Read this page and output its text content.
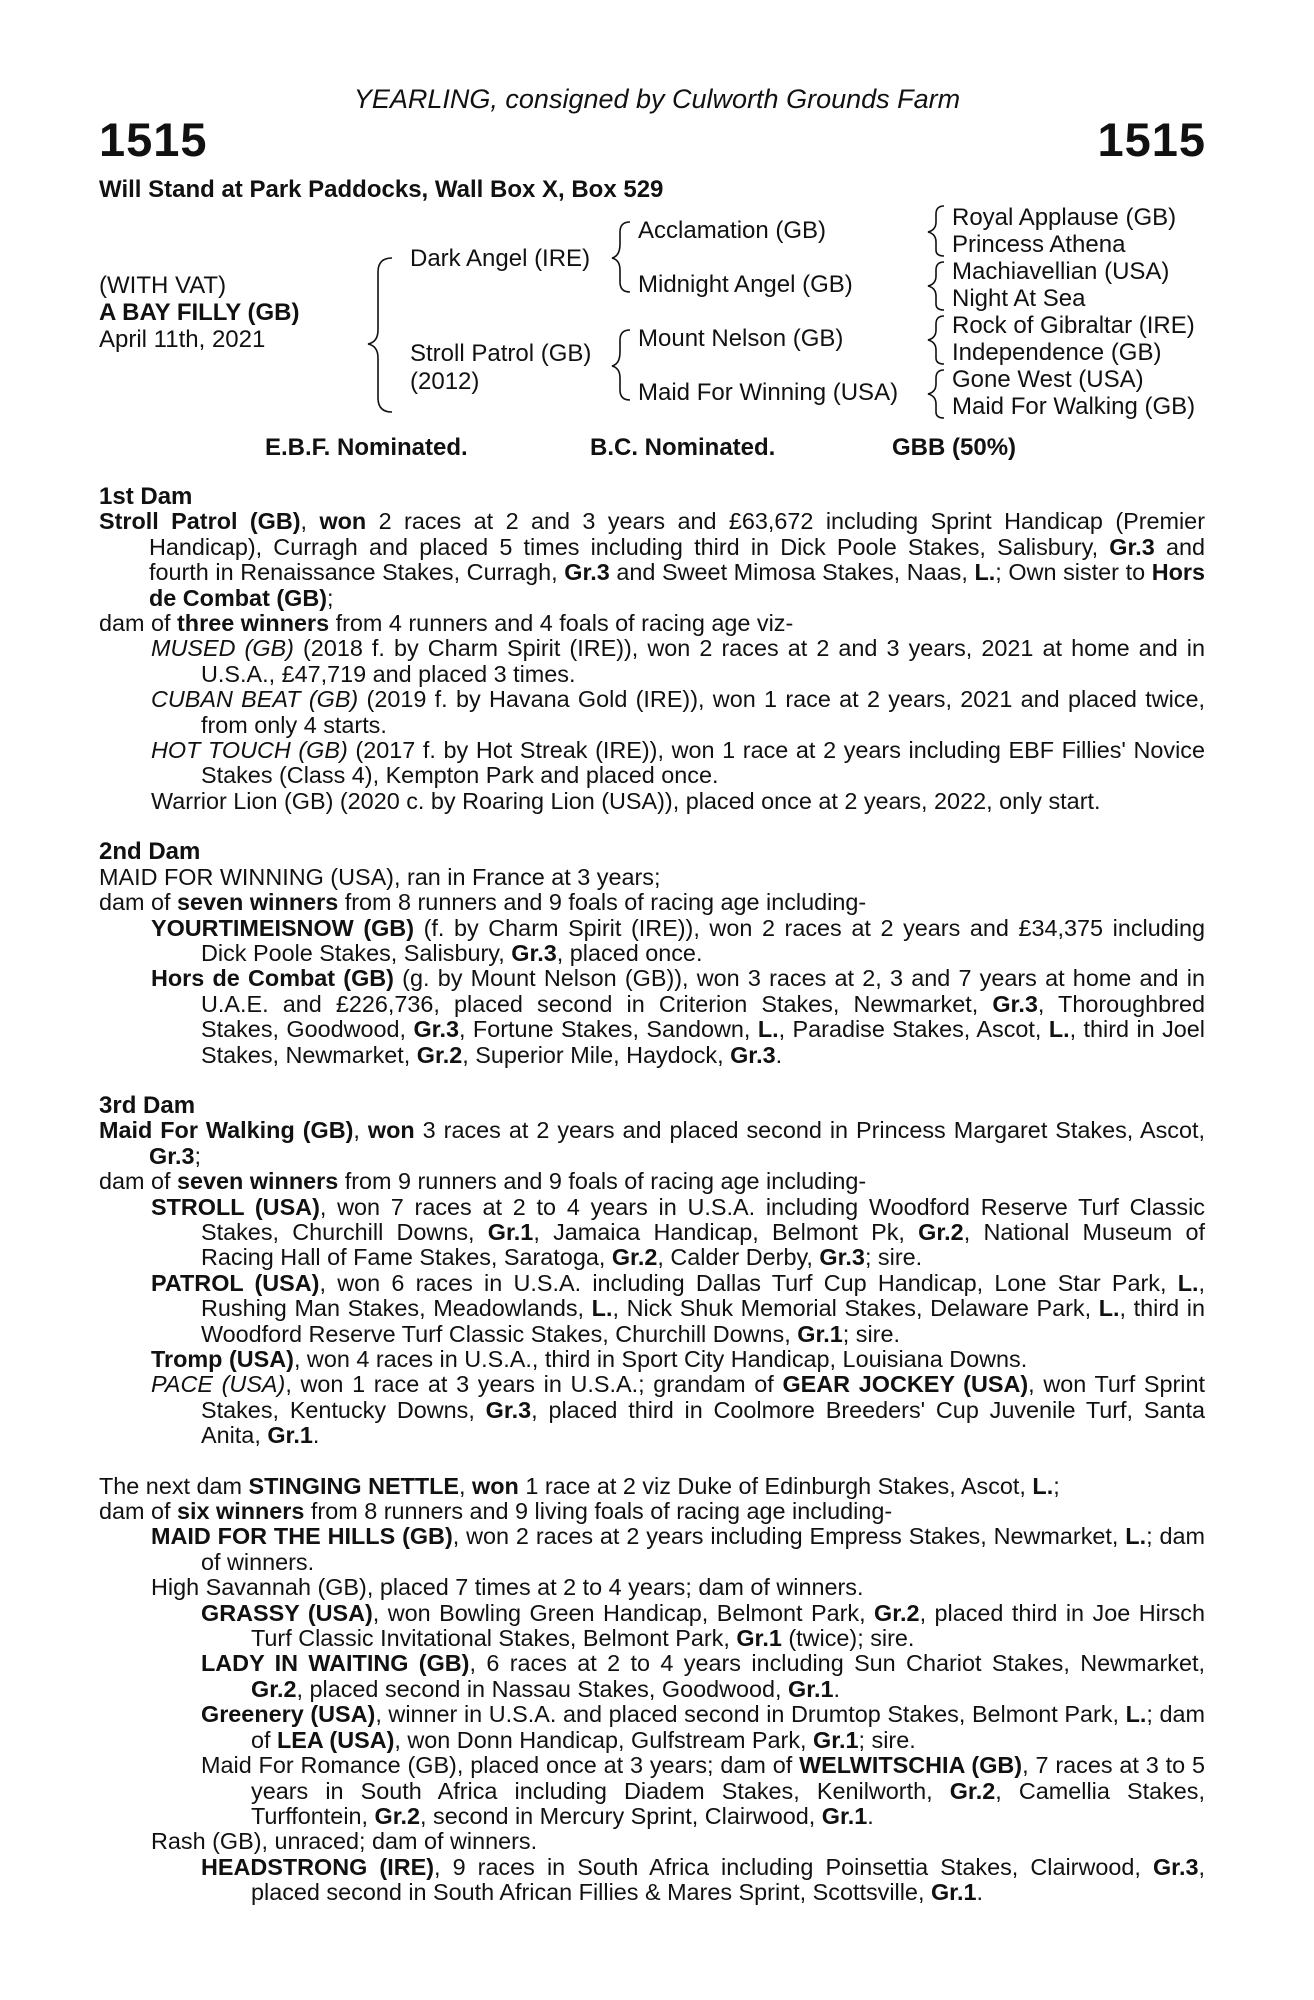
YEARLING, consigned by Culworth Grounds Farm
1515	1515
Will Stand at Park Paddocks, Wall Box X, Box 529
(WITH VAT)
A BAY FILLY (GB)
April 11th, 2021
Dark Angel (IRE)
Stroll Patrol (GB)
(2012)
Acclamation (GB)
Midnight Angel (GB)
Mount Nelson (GB)
Maid For Winning (USA)
Royal Applause (GB)
Princess Athena
Machiavellian (USA)
Night At Sea
Rock of Gibraltar (IRE)
Independence (GB)
Gone West (USA)
Maid For Walking (GB)
E.B.F. Nominated.	B.C. Nominated.	GBB (50%)

1st Dam

Stroll Patrol (GB), won 2 races at 2 and 3 years and £63,672 including Sprint Handicap (Premier Handicap), Curragh and placed 5 times including third in Dick Poole Stakes, Salisbury, Gr.3 and fourth in Renaissance Stakes, Curragh, Gr.3 and Sweet Mimosa Stakes, Naas, L.; Own sister to Hors de Combat (GB);

dam of three winners from 4 runners and 4 foals of racing age viz-

MUSED (GB) (2018 f. by Charm Spirit (IRE)), won 2 races at 2 and 3 years, 2021 at home and in U.S.A., £47,719 and placed 3 times.

CUBAN BEAT (GB) (2019 f. by Havana Gold (IRE)), won 1 race at 2 years, 2021 and placed twice, from only 4 starts.

HOT TOUCH (GB) (2017 f. by Hot Streak (IRE)), won 1 race at 2 years including EBF Fillies' Novice Stakes (Class 4), Kempton Park and placed once.

Warrior Lion (GB) (2020 c. by Roaring Lion (USA)), placed once at 2 years, 2022, only start.

2nd Dam

MAID FOR WINNING (USA), ran in France at 3 years;

dam of seven winners from 8 runners and 9 foals of racing age including-

YOURTIMEISNOW (GB) (f. by Charm Spirit (IRE)), won 2 races at 2 years and £34,375 including Dick Poole Stakes, Salisbury, Gr.3, placed once.

Hors de Combat (GB) (g. by Mount Nelson (GB)), won 3 races at 2, 3 and 7 years at home and in U.A.E. and £226,736, placed second in Criterion Stakes, Newmarket, Gr.3, Thoroughbred Stakes, Goodwood, Gr.3, Fortune Stakes, Sandown, L., Paradise Stakes, Ascot, L., third in Joel Stakes, Newmarket, Gr.2, Superior Mile, Haydock, Gr.3.

3rd Dam

Maid For Walking (GB), won 3 races at 2 years and placed second in Princess Margaret Stakes, Ascot, Gr.3;

dam of seven winners from 9 runners and 9 foals of racing age including-

STROLL (USA), won 7 races at 2 to 4 years in U.S.A. including Woodford Reserve Turf Classic Stakes, Churchill Downs, Gr.1, Jamaica Handicap, Belmont Pk, Gr.2, National Museum of Racing Hall of Fame Stakes, Saratoga, Gr.2, Calder Derby, Gr.3; sire.

PATROL (USA), won 6 races in U.S.A. including Dallas Turf Cup Handicap, Lone Star Park, L., Rushing Man Stakes, Meadowlands, L., Nick Shuk Memorial Stakes, Delaware Park, L., third in Woodford Reserve Turf Classic Stakes, Churchill Downs, Gr.1; sire.

Tromp (USA), won 4 races in U.S.A., third in Sport City Handicap, Louisiana Downs.

PACE (USA), won 1 race at 3 years in U.S.A.; grandam of GEAR JOCKEY (USA), won Turf Sprint Stakes, Kentucky Downs, Gr.3, placed third in Coolmore Breeders' Cup Juvenile Turf, Santa Anita, Gr.1.

The next dam STINGING NETTLE, won 1 race at 2 viz Duke of Edinburgh Stakes, Ascot, L.;

dam of six winners from 8 runners and 9 living foals of racing age including-

MAID FOR THE HILLS (GB), won 2 races at 2 years including Empress Stakes, Newmarket, L.; dam of winners.

High Savannah (GB), placed 7 times at 2 to 4 years; dam of winners.

GRASSY (USA), won Bowling Green Handicap, Belmont Park, Gr.2, placed third in Joe Hirsch Turf Classic Invitational Stakes, Belmont Park, Gr.1 (twice); sire.

LADY IN WAITING (GB), 6 races at 2 to 4 years including Sun Chariot Stakes, Newmarket, Gr.2, placed second in Nassau Stakes, Goodwood, Gr.1.

Greenery (USA), winner in U.S.A. and placed second in Drumtop Stakes, Belmont Park, L.; dam of LEA (USA), won Donn Handicap, Gulfstream Park, Gr.1; sire.

Maid For Romance (GB), placed once at 3 years; dam of WELWITSCHIA (GB), 7 races at 3 to 5 years in South Africa including Diadem Stakes, Kenilworth, Gr.2, Camellia Stakes, Turffontein, Gr.2, second in Mercury Sprint, Clairwood, Gr.1.

Rash (GB), unraced; dam of winners.

HEADSTRONG (IRE), 9 races in South Africa including Poinsettia Stakes, Clairwood, Gr.3, placed second in South African Fillies & Mares Sprint, Scottsville, Gr.1.
